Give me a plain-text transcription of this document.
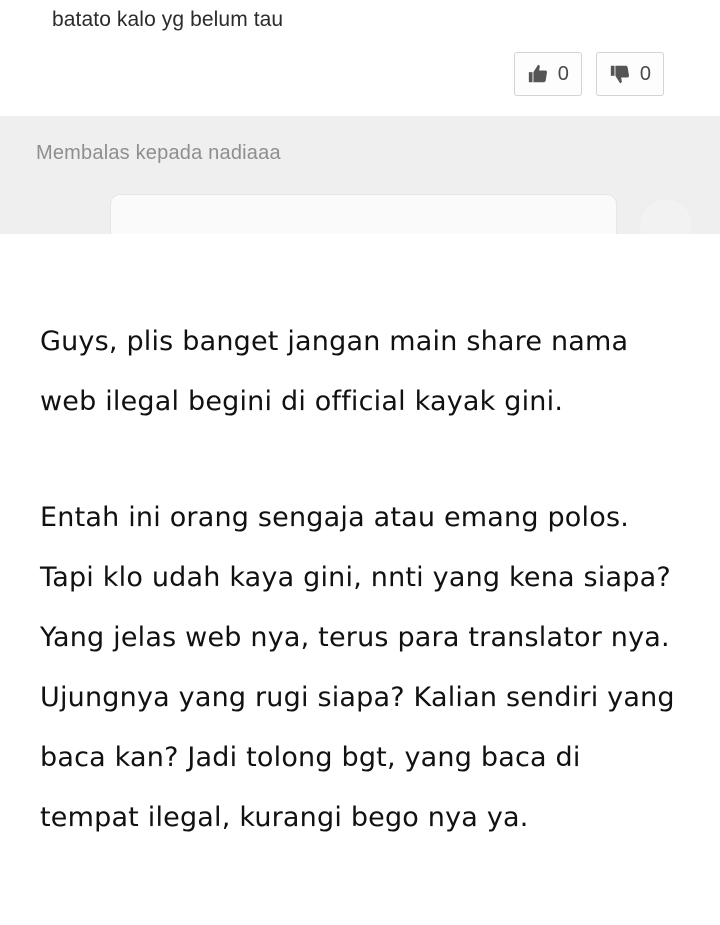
batato kalo yg belum tau
0	0
Membalas kepada nadiaaa

Guys, plis banget jangan main share nama web ilegal begini di official kayak gini.

Entah ini orang sengaja atau emang polos. Tapi klo udah kaya gini, nnti yang kena siapa? Yang jelas web nya, terus para translator nya. Ujungnya yang rugi siapa? Kalian sendiri yang baca kan? Jadi tolong bgt, yang baca di tempat ilegal, kurangi bego nya ya.
